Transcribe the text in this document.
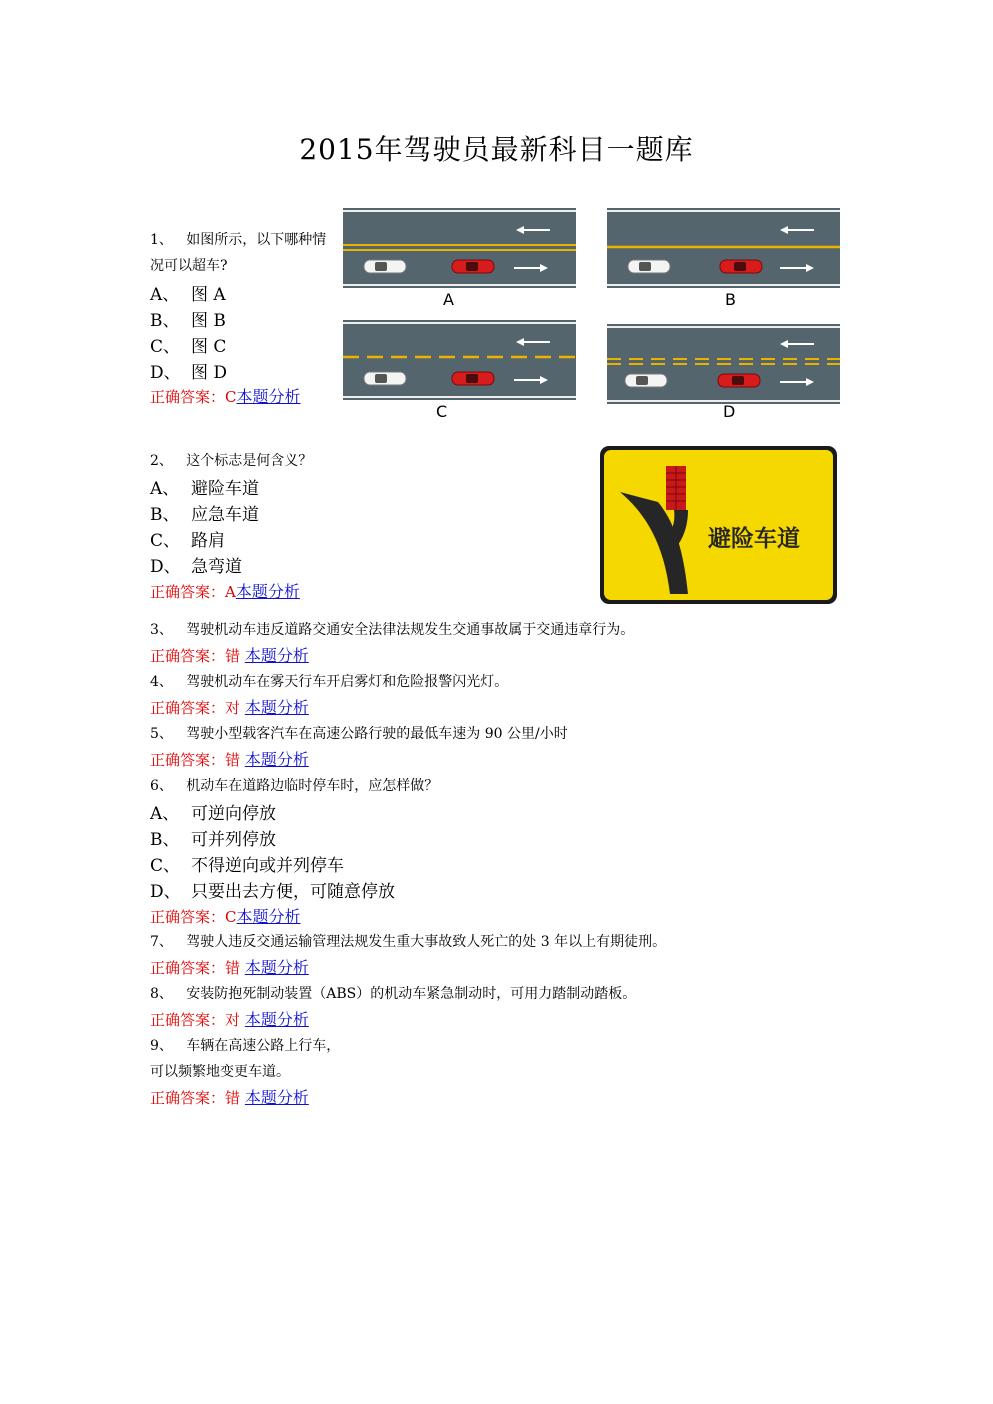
2015年驾驶员最新科目一题库
1、 如图所示，以下哪种情
况可以超车?
A、 图 A
B、 图 B
C、 图 C
D、 图 D
正确答案：C本题分析
A	B
C	D
2、 这个标志是何含义？
A、 避险车道
B、 应急车道
C、 路肩
D、 急弯道
正确答案：A本题分析
避险车道
3、 驾驶机动车违反道路交通安全法律法规发生交通事故属于交通违章行为。
正确答案：错 本题分析
4、 驾驶机动车在雾天行车开启雾灯和危险报警闪光灯。
正确答案：对 本题分析
5、 驾驶小型载客汽车在高速公路行驶的最低车速为 90 公里/小时
正确答案：错 本题分析
6、 机动车在道路边临时停车时，应怎样做？
A、 可逆向停放
B、 可并列停放
C、 不得逆向或并列停车
D、 只要出去方便，可随意停放
正确答案：C本题分析
7、 驾驶人违反交通运输管理法规发生重大事故致人死亡的处 3 年以上有期徒刑。
正确答案：错 本题分析
8、 安装防抱死制动装置（ABS）的机动车紧急制动时，可用力踏制动踏板。
正确答案：对 本题分析
9、 车辆在高速公路上行车，
可以频繁地变更车道。
正确答案：错 本题分析
